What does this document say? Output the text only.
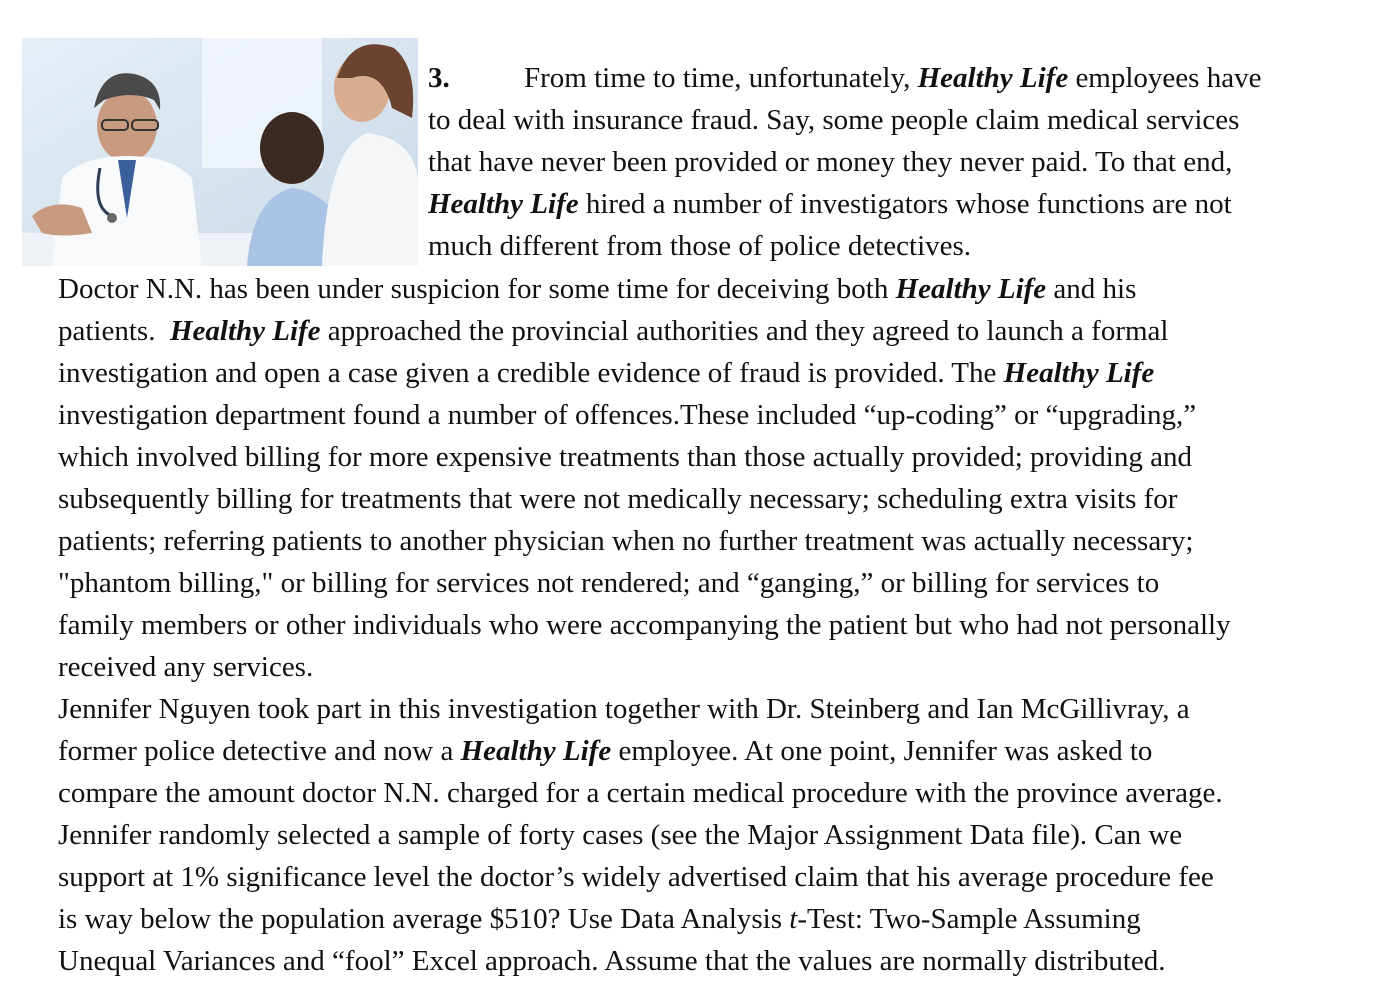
3.	From time to time, unfortunately, Healthy Life employees have
to deal with insurance fraud. Say, some people claim medical services
that have never been provided or money they never paid. To that end,
Healthy Life hired a number of investigators whose functions are not
much different from those of police detectives.
Doctor N.N. has been under suspicion for some time for deceiving both Healthy Life and his
patients.  Healthy Life approached the provincial authorities and they agreed to launch a formal
investigation and open a case given a credible evidence of fraud is provided. The Healthy Life
investigation department found a number of offences.These included “up-coding” or “upgrading,”
which involved billing for more expensive treatments than those actually provided; providing and
subsequently billing for treatments that were not medically necessary; scheduling extra visits for
patients; referring patients to another physician when no further treatment was actually necessary;
"phantom billing," or billing for services not rendered; and “ganging,” or billing for services to
family members or other individuals who were accompanying the patient but who had not personally
received any services.
Jennifer Nguyen took part in this investigation together with Dr. Steinberg and Ian McGillivray, a
former police detective and now a Healthy Life employee. At one point, Jennifer was asked to
compare the amount doctor N.N. charged for a certain medical procedure with the province average.
Jennifer randomly selected a sample of forty cases (see the Major Assignment Data file). Can we
support at 1% significance level the doctor’s widely advertised claim that his average procedure fee
is way below the population average $510? Use Data Analysis t-Test: Two-Sample Assuming
Unequal Variances and “fool” Excel approach. Assume that the values are normally distributed.
